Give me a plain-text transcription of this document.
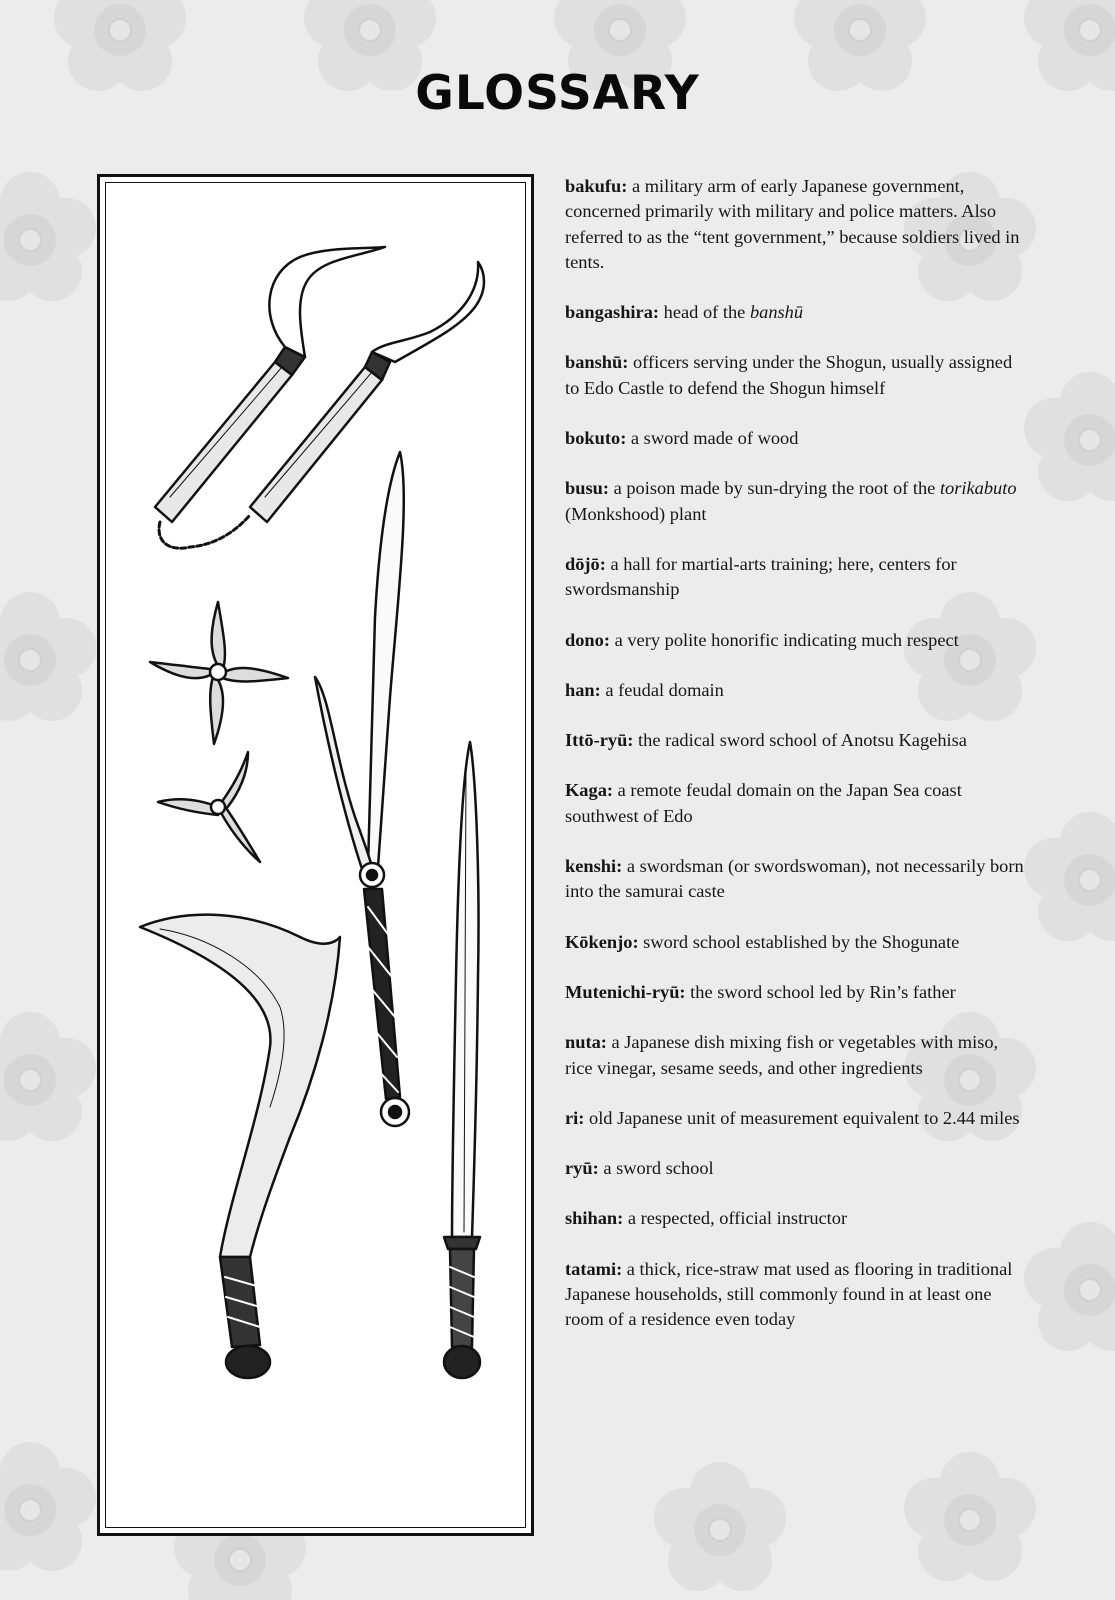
GLOSSARY

bakufu: a military arm of early Japanese government, concerned primarily with military and police matters. Also referred to as the “tent government,” because soldiers lived in tents.

bangashira: head of the banshū

banshū: officers serving under the Shogun, usually assigned to Edo Castle to defend the Shogun himself

bokuto: a sword made of wood

busu: a poison made by sun-drying the root of the torikabuto (Monkshood) plant

dōjō: a hall for martial-arts training; here, centers for swordsmanship

dono: a very polite honorific indicating much respect

han: a feudal domain

Ittō-ryū: the radical sword school of Anotsu Kagehisa

Kaga: a remote feudal domain on the Japan Sea coast southwest of Edo

kenshi: a swordsman (or swordswoman), not necessarily born into the samurai caste

Kōkenjo: sword school established by the Shogunate

Mutenichi-ryū: the sword school led by Rin’s father

nuta: a Japanese dish mixing fish or vegetables with miso, rice vinegar, sesame seeds, and other ingredients

ri: old Japanese unit of measurement equivalent to 2.44 miles

ryū: a sword school

shihan: a respected, official instructor

tatami: a thick, rice-straw mat used as flooring in traditional Japanese households, still commonly found in at least one room of a residence even today
